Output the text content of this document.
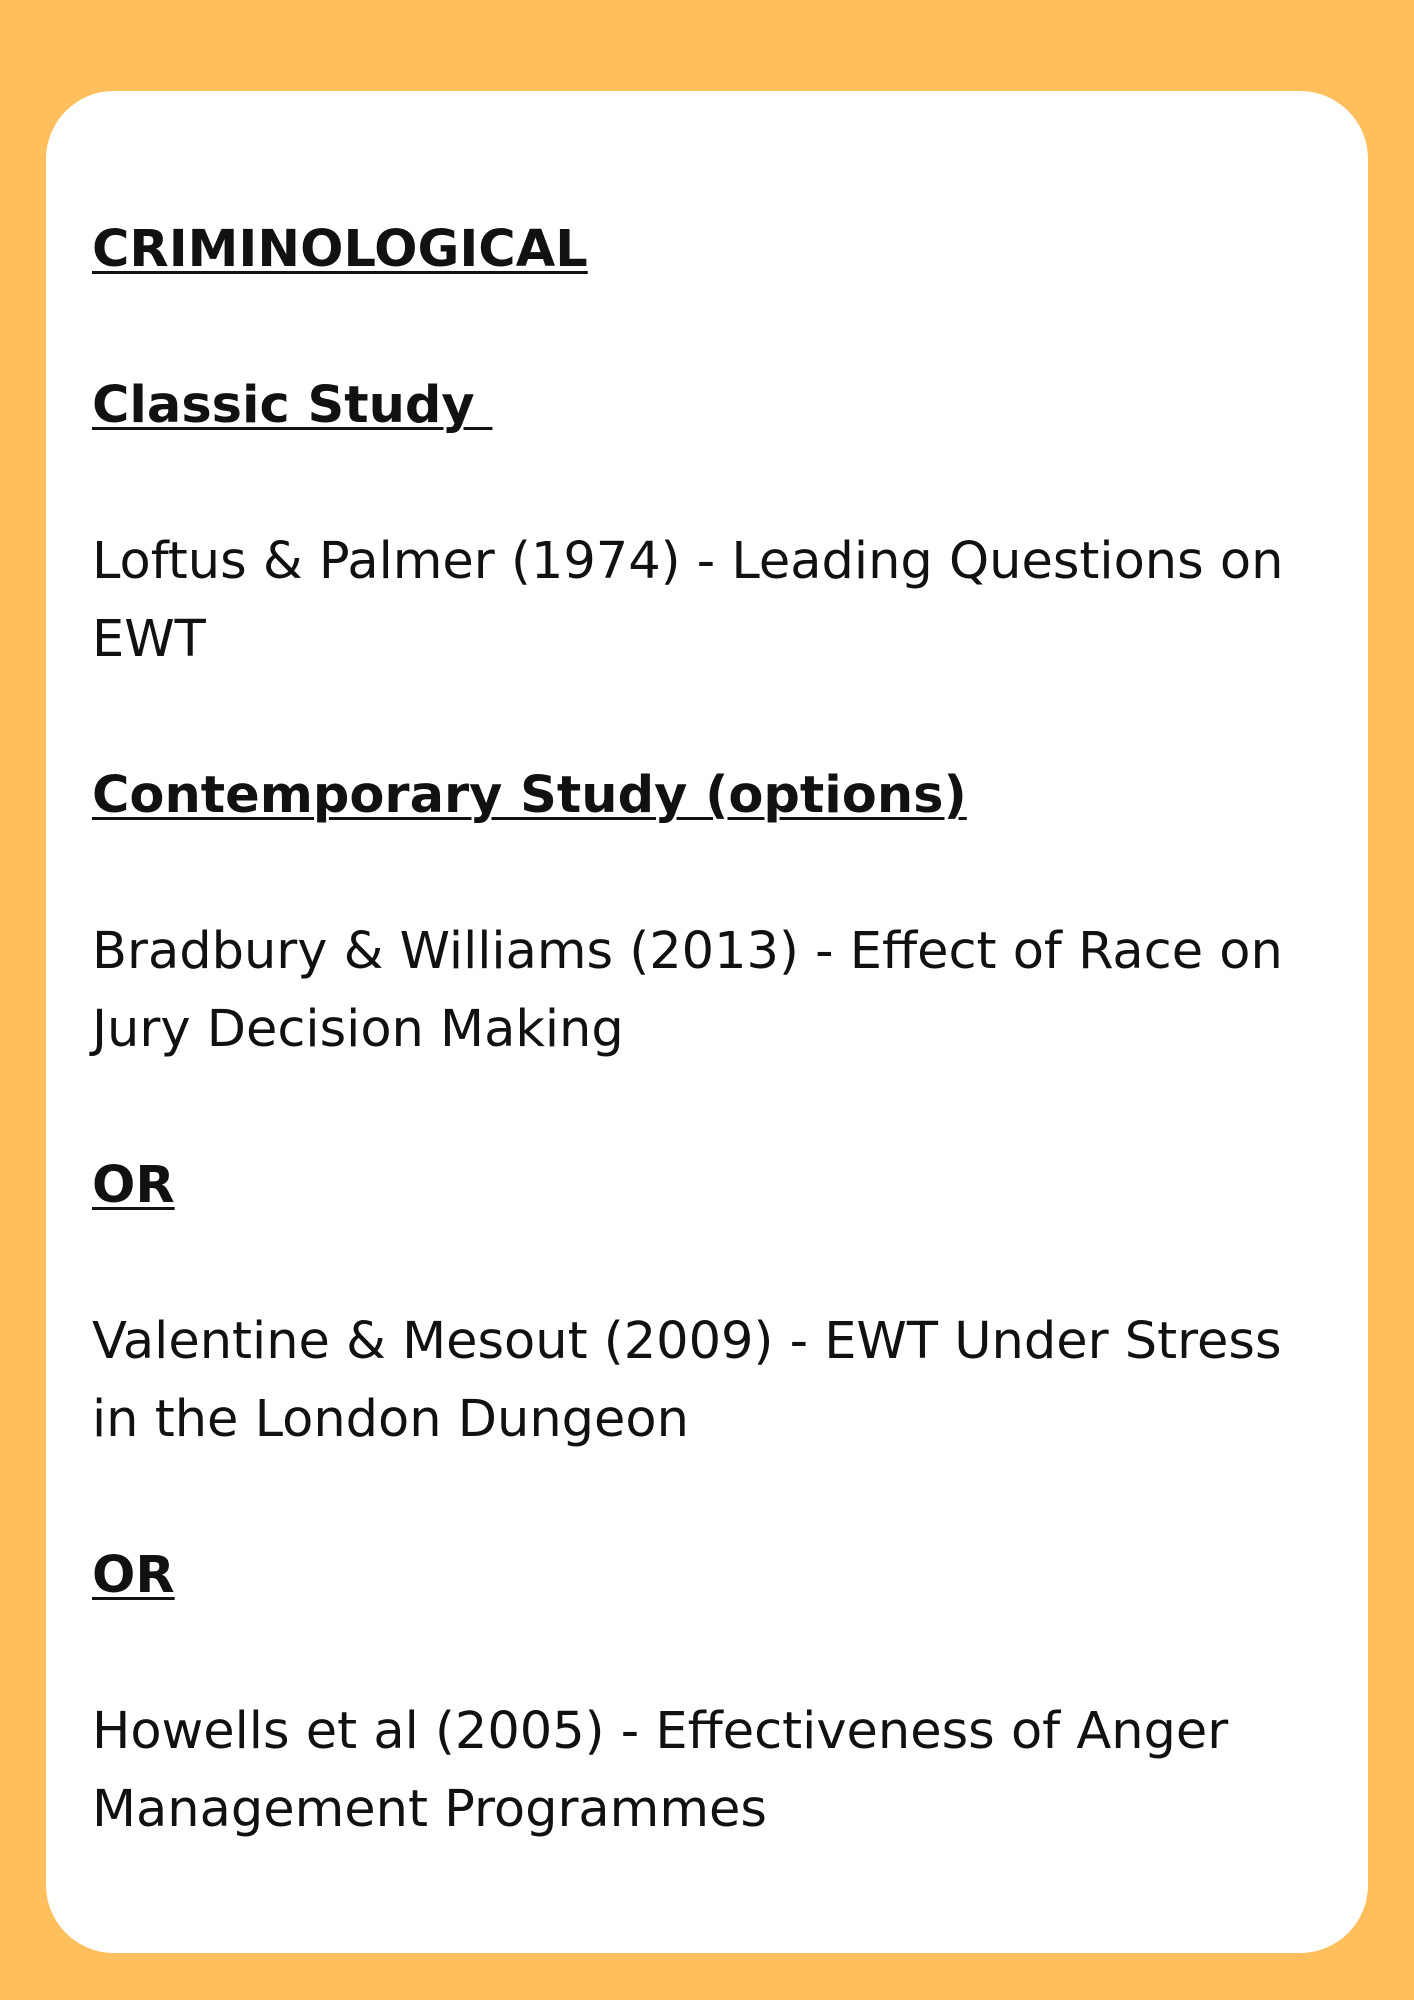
CRIMINOLOGICAL

Classic Study

Loftus & Palmer (1974) - Leading Questions on EWT

Contemporary Study (options)

Bradbury & Williams (2013) - Effect of Race on Jury Decision Making

OR

Valentine & Mesout (2009) - EWT Under Stress in the London Dungeon

OR

Howells et al (2005) - Effectiveness of Anger Management Programmes
